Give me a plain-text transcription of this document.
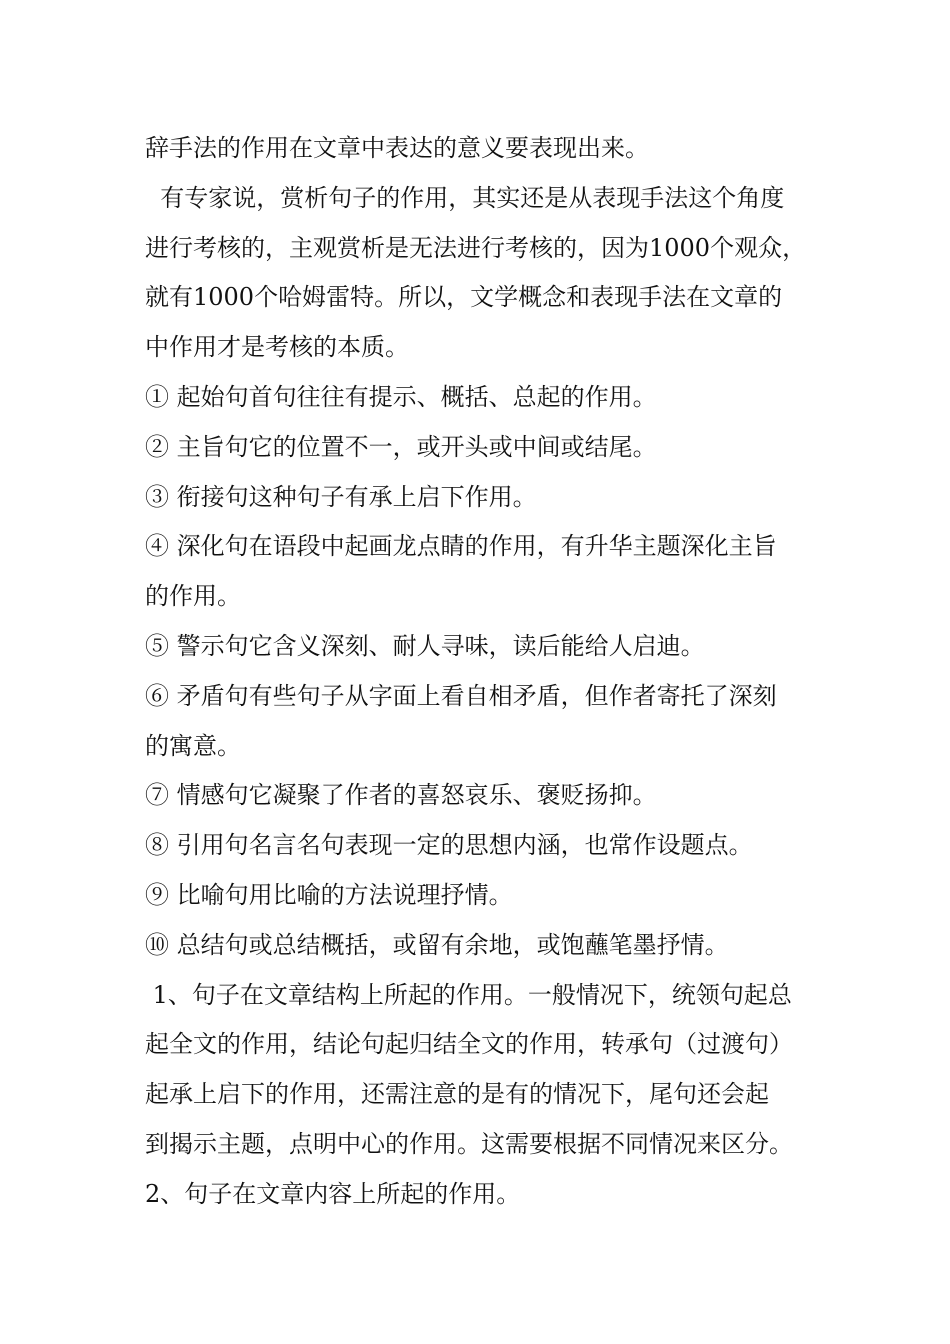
辞手法的作用在文章中表达的意义要表现出来。
有专家说，赏析句子的作用，其实还是从表现手法这个角度
进行考核的，主观赏析是无法进行考核的，因为1000个观众，
就有1000个哈姆雷特。所以，文学概念和表现手法在文章的
中作用才是考核的本质。
① 起始句首句往往有提示、概括、总起的作用。
② 主旨句它的位置不一，或开头或中间或结尾。
③ 衔接句这种句子有承上启下作用。
④ 深化句在语段中起画龙点睛的作用，有升华主题深化主旨
的作用。
⑤ 警示句它含义深刻、耐人寻味，读后能给人启迪。
⑥ 矛盾句有些句子从字面上看自相矛盾，但作者寄托了深刻
的寓意。
⑦ 情感句它凝聚了作者的喜怒哀乐、褒贬扬抑。
⑧ 引用句名言名句表现一定的思想内涵，也常作设题点。
⑨ 比喻句用比喻的方法说理抒情。
⑩ 总结句或总结概括，或留有余地，或饱蘸笔墨抒情。
1、句子在文章结构上所起的作用。一般情况下，统领句起总
起全文的作用，结论句起归结全文的作用，转承句（过渡句）
起承上启下的作用，还需注意的是有的情况下，尾句还会起
到揭示主题，点明中心的作用。这需要根据不同情况来区分。
2、句子在文章内容上所起的作用。
